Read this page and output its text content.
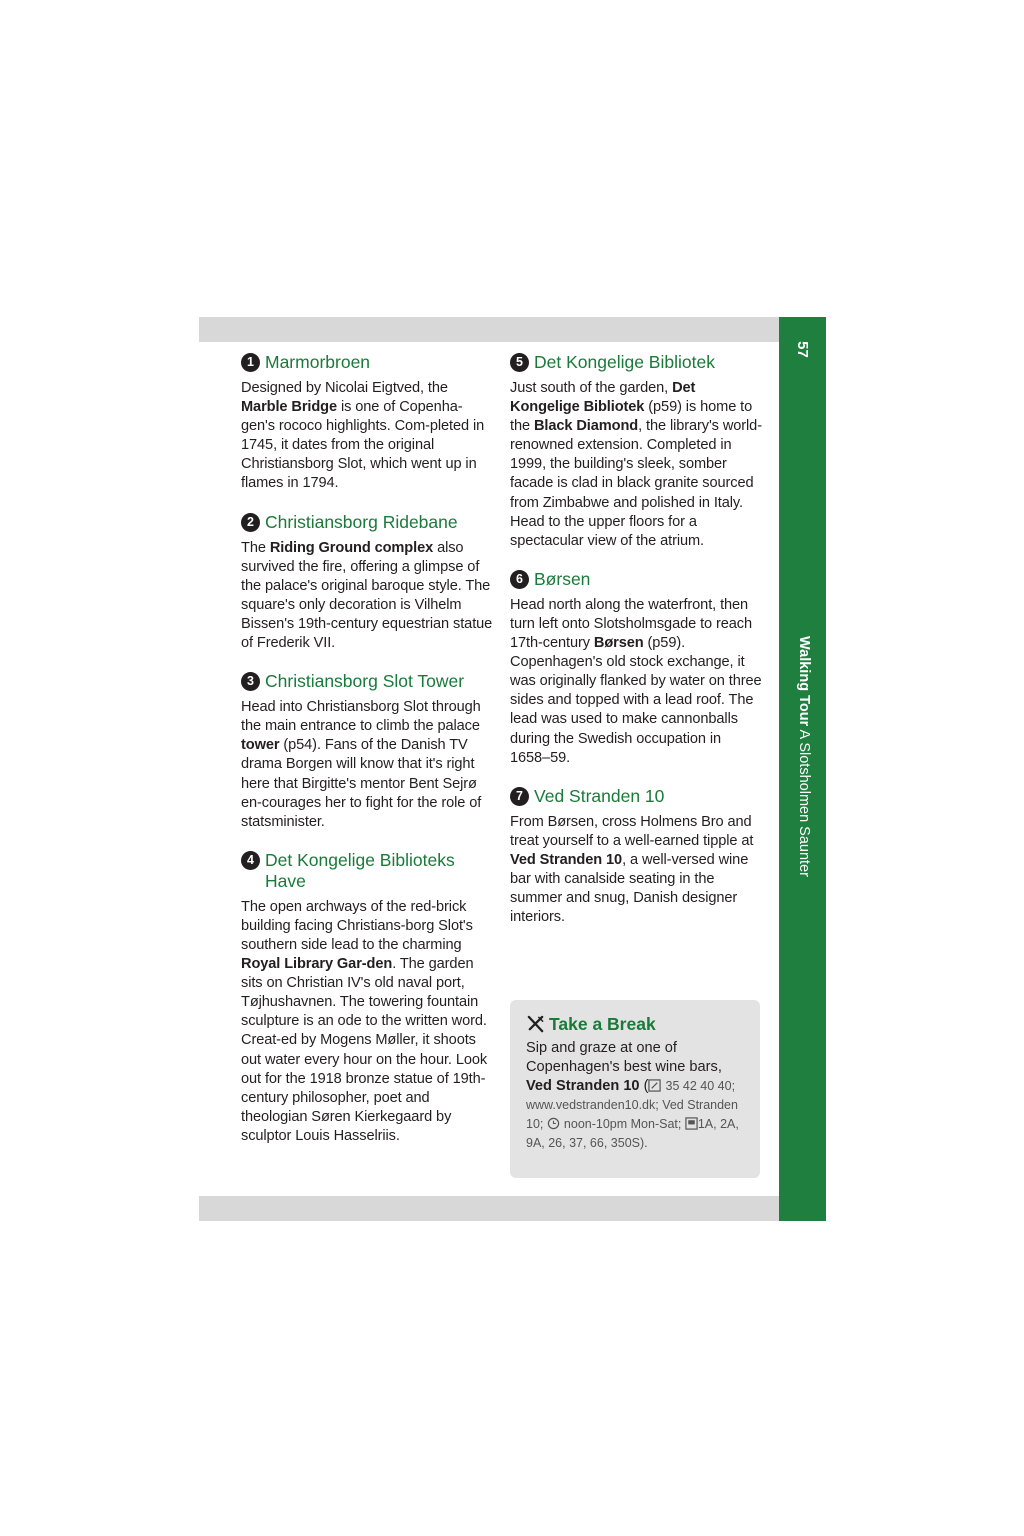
57
Walking Tour A Slotsholmen Saunter
1 Marmorbroen

Designed by Nicolai Eigtved, the Marble Bridge is one of Copenha-gen's rococo highlights. Com-pleted in 1745, it dates from the original Christiansborg Slot, which went up in flames in 1794.

2 Christiansborg Ridebane

The Riding Ground complex also survived the fire, offering a glimpse of the palace's original baroque style. The square's only decoration is Vilhelm Bissen's 19th-century equestrian statue of Frederik VII.

3 Christiansborg Slot Tower

Head into Christiansborg Slot through the main entrance to climb the palace tower (p54). Fans of the Danish TV drama Borgen will know that it's right here that Birgitte's mentor Bent Sejrø en-courages her to fight for the role of statsminister.

4 Det Kongelige Biblioteks Have

The open archways of the red-brick building facing Christians-borg Slot's southern side lead to the charming Royal Library Gar-den. The garden sits on Christian IV's old naval port, Tøjhushavnen. The towering fountain sculpture is an ode to the written word. Creat-ed by Mogens Møller, it shoots out water every hour on the hour. Look out for the 1918 bronze statue of 19th-century philosopher, poet and theologian Søren Kierkegaard by sculptor Louis Hasselriis.

5 Det Kongelige Bibliotek

Just south of the garden, Det Kongelige Bibliotek (p59) is home to the Black Diamond, the library's world-renowned extension. Completed in 1999, the building's sleek, somber facade is clad in black granite sourced from Zimbabwe and polished in Italy. Head to the upper floors for a spectacular view of the atrium.

6 Børsen

Head north along the waterfront, then turn left onto Slotsholmsgade to reach 17th-century Børsen (p59). Copenhagen's old stock exchange, it was originally flanked by water on three sides and topped with a lead roof. The lead was used to make cannonballs during the Swedish occupation in 1658–59.

7 Ved Stranden 10

From Børsen, cross Holmens Bro and treat yourself to a well-earned tipple at Ved Stranden 10, a well-versed wine bar with canalside seating in the summer and snug, Danish designer interiors.

Take a Break

Sip and graze at one of Copenhagen's best wine bars, Ved Stranden 10 ( 35 42 40 40; www.vedstranden10.dk; Ved Stranden 10;  noon-10pm Mon-Sat; 1A, 2A, 9A, 26, 37, 66, 350S).
